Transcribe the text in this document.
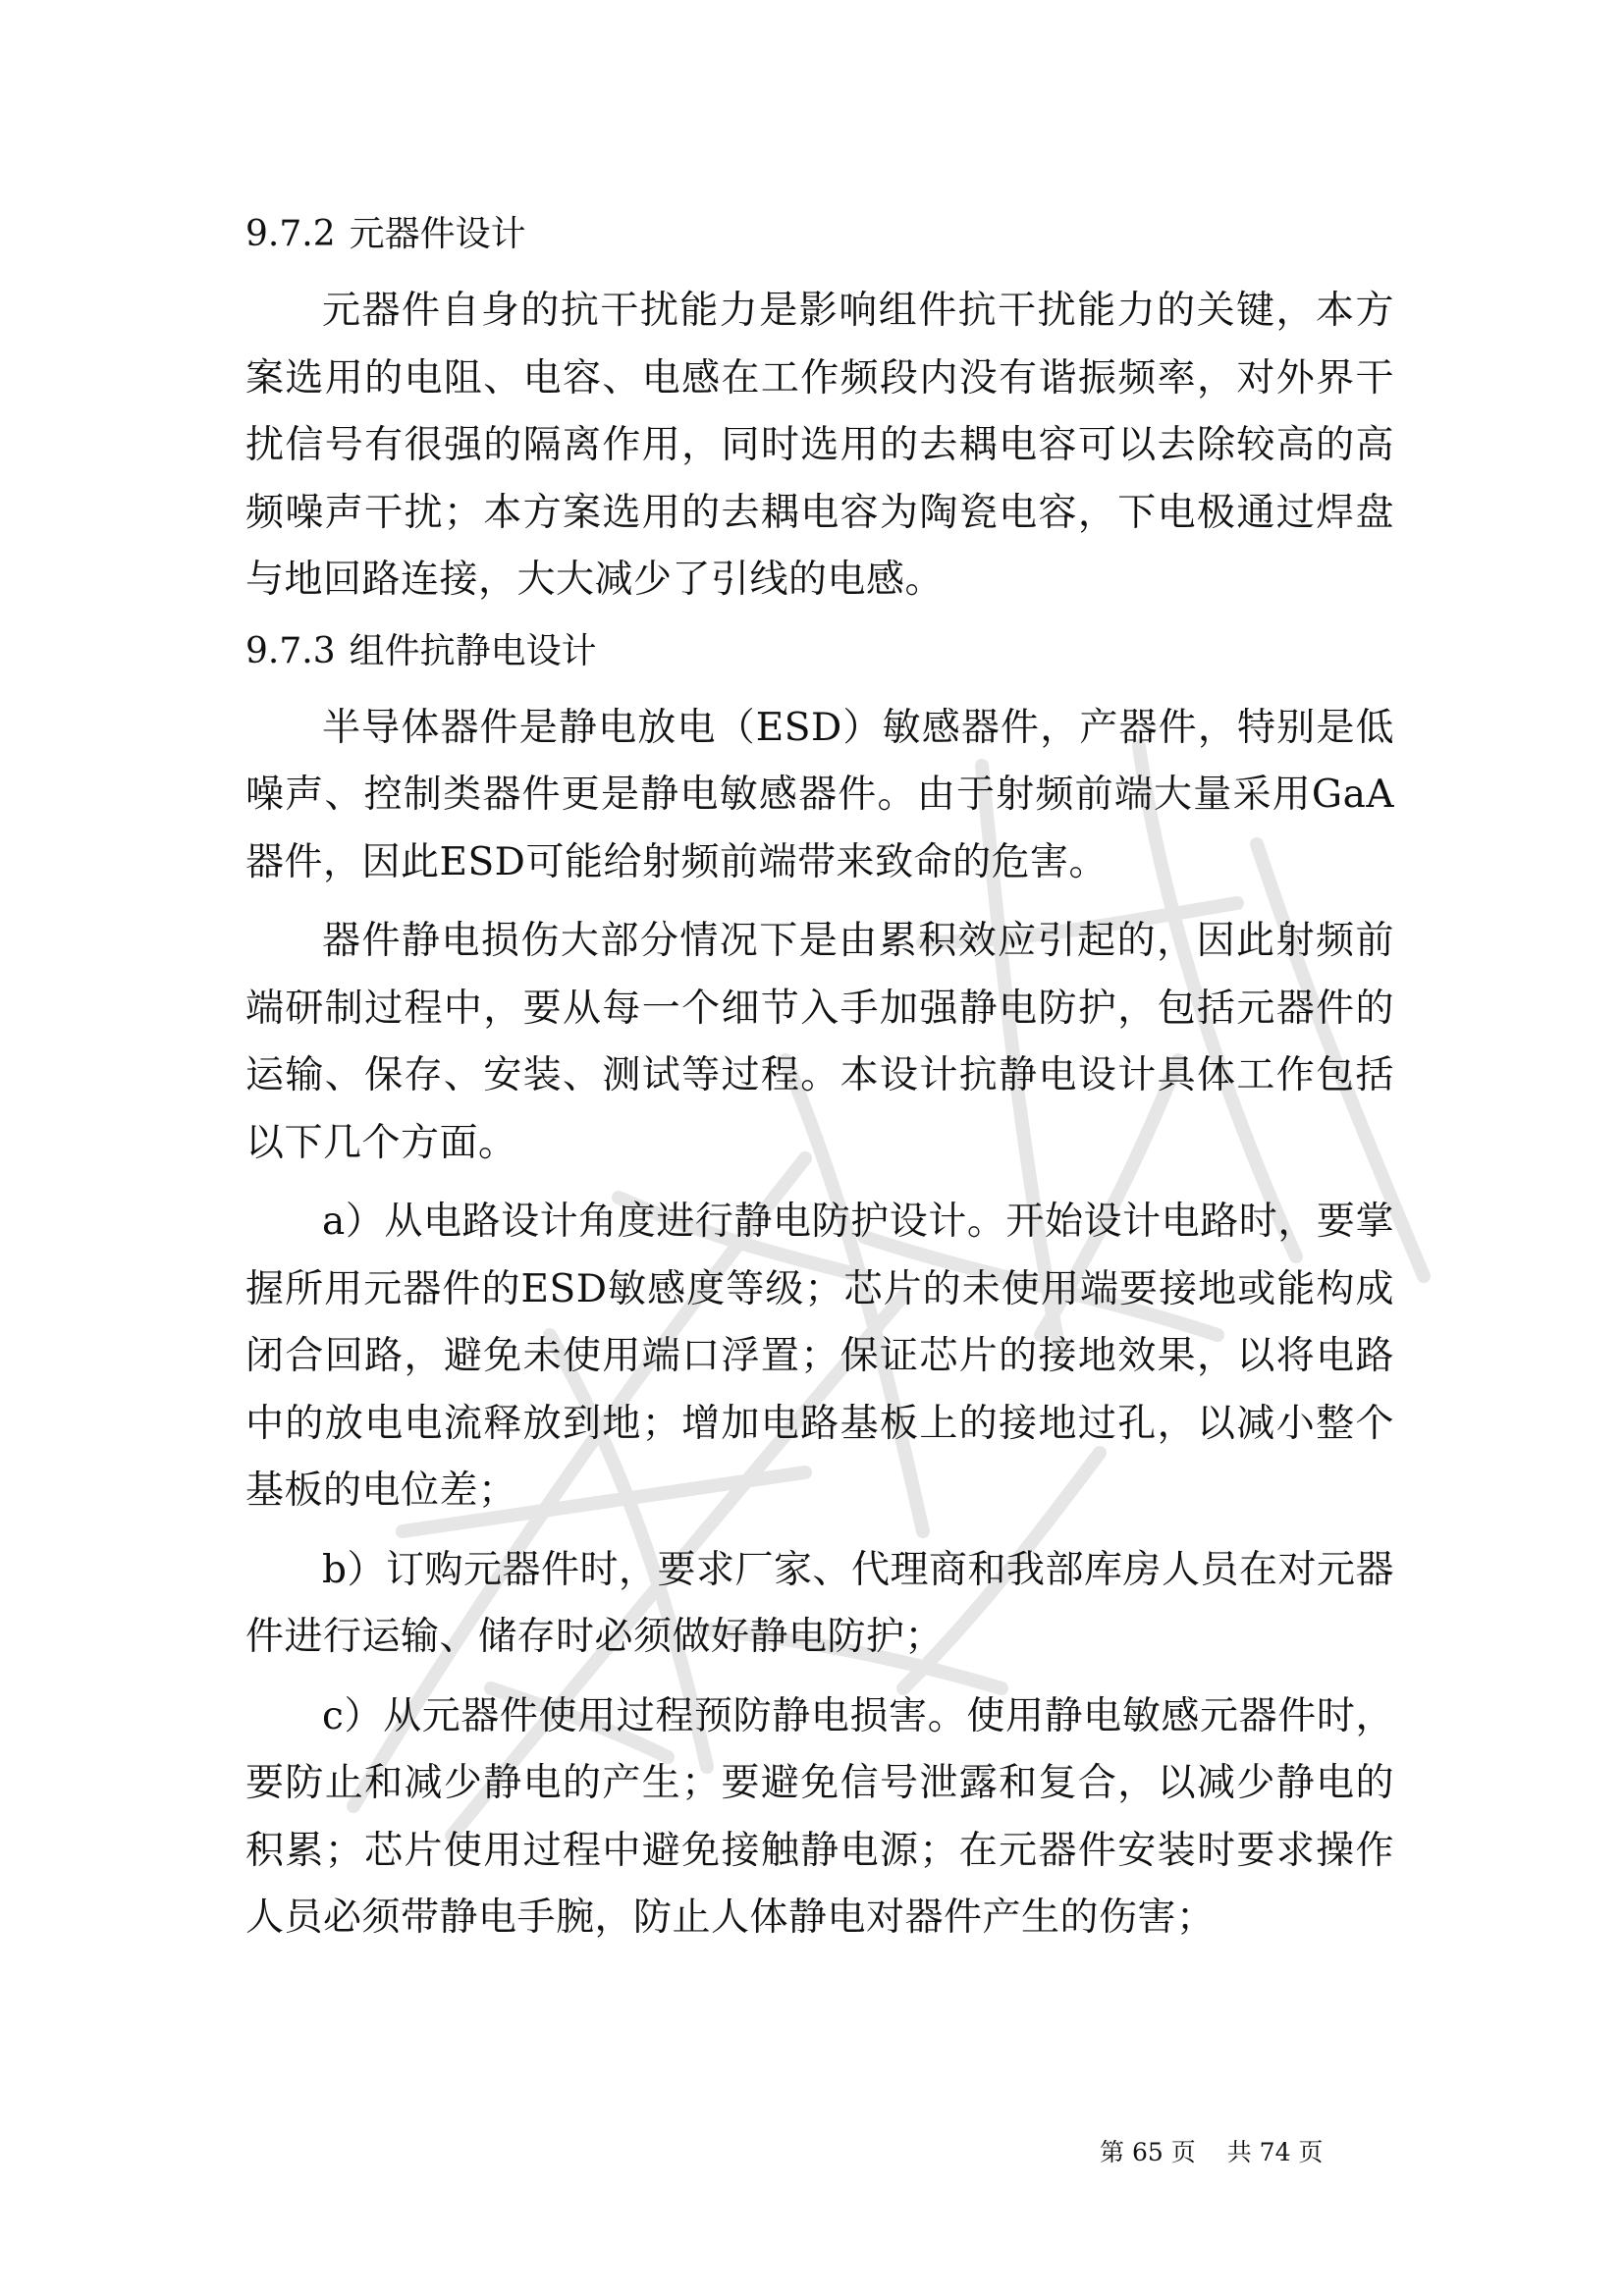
9.7.2 元器件设计

元器件自身的抗干扰能力是影响组件抗干扰能力的关键，本方案选用的电阻、电容、电感在工作频段内没有谐振频率，对外界干扰信号有很强的隔离作用，同时选用的去耦电容可以去除较高的高频噪声干扰；本方案选用的去耦电容为陶瓷电容，下电极通过焊盘与地回路连接，大大减少了引线的电感。

9.7.3 组件抗静电设计

半导体器件是静电放电（ESD）敏感器件，产器件，特别是低噪声、控制类器件更是静电敏感器件。由于射频前端大量采用GaA器件，因此ESD可能给射频前端带来致命的危害。

器件静电损伤大部分情况下是由累积效应引起的，因此射频前端研制过程中，要从每一个细节入手加强静电防护，包括元器件的运输、保存、安装、测试等过程。本设计抗静电设计具体工作包括以下几个方面。

a）从电路设计角度进行静电防护设计。开始设计电路时，要掌握所用元器件的ESD敏感度等级；芯片的未使用端要接地或能构成闭合回路，避免未使用端口浮置；保证芯片的接地效果，以将电路中的放电电流释放到地；增加电路基板上的接地过孔，以减小整个基板的电位差；

b）订购元器件时，要求厂家、代理商和我部库房人员在对元器件进行运输、储存时必须做好静电防护；

c）从元器件使用过程预防静电损害。使用静电敏感元器件时，要防止和减少静电的产生；要避免信号泄露和复合，以减少静电的积累；芯片使用过程中避免接触静电源；在元器件安装时要求操作人员必须带静电手腕，防止人体静电对器件产生的伤害；

第 65 页 共 74 页
